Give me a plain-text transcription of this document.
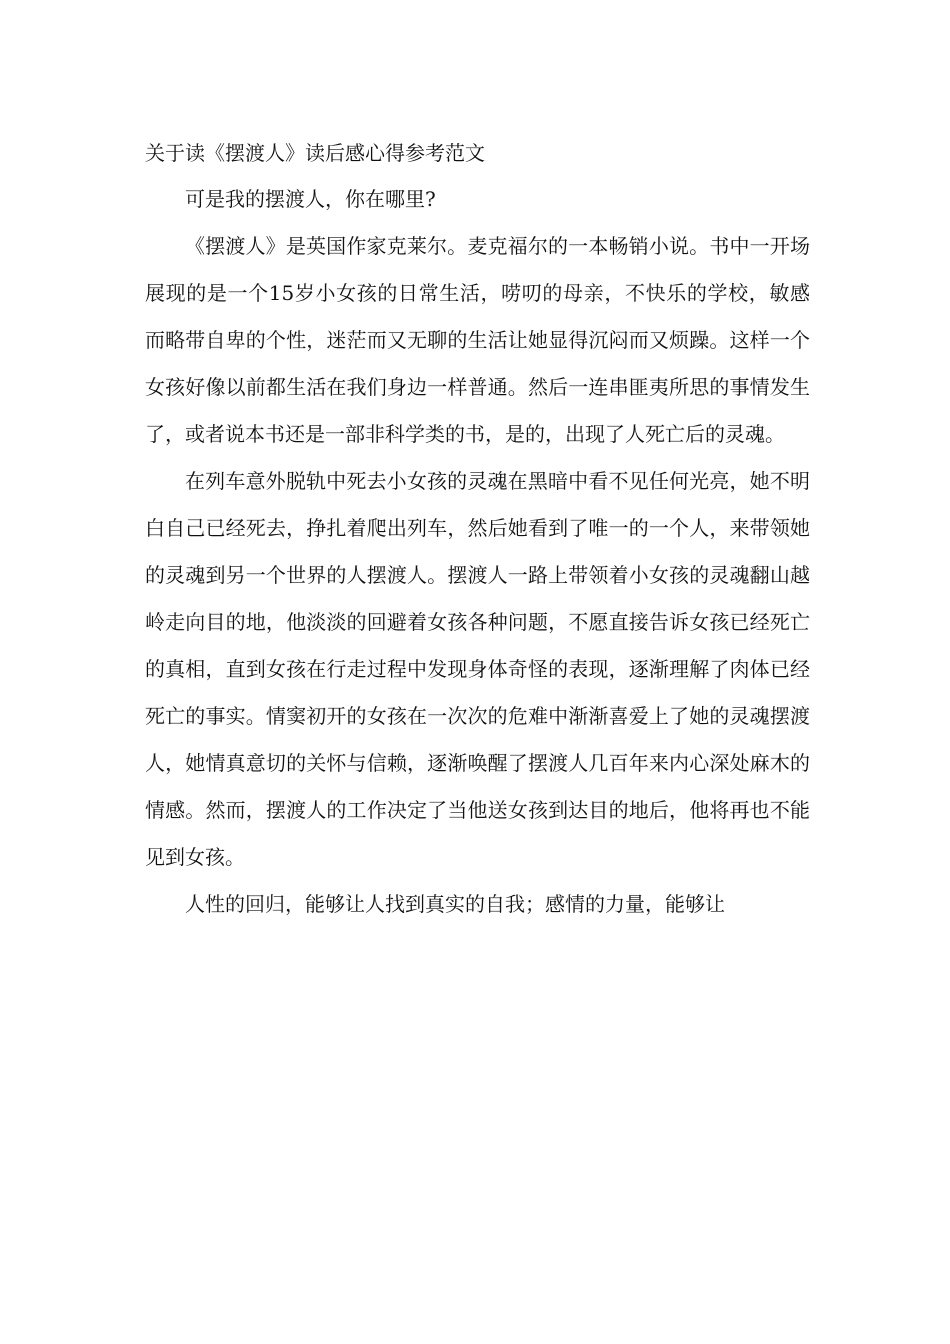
关于读《摆渡人》读后感心得参考范文

可是我的摆渡人，你在哪里?

《摆渡人》是英国作家克莱尔。麦克福尔的一本畅销小说。书中一开场展现的是一个15岁小女孩的日常生活，唠叨的母亲，不快乐的学校，敏感而略带自卑的个性，迷茫而又无聊的生活让她显得沉闷而又烦躁。这样一个女孩好像以前都生活在我们身边一样普通。然后一连串匪夷所思的事情发生了，或者说本书还是一部非科学类的书，是的，出现了人死亡后的灵魂。

在列车意外脱轨中死去小女孩的灵魂在黑暗中看不见任何光亮，她不明白自己已经死去，挣扎着爬出列车，然后她看到了唯一的一个人，来带领她的灵魂到另一个世界的人摆渡人。摆渡人一路上带领着小女孩的灵魂翻山越岭走向目的地，他淡淡的回避着女孩各种问题，不愿直接告诉女孩已经死亡的真相，直到女孩在行走过程中发现身体奇怪的表现，逐渐理解了肉体已经死亡的事实。情窦初开的女孩在一次次的危难中渐渐喜爱上了她的灵魂摆渡人，她情真意切的关怀与信赖，逐渐唤醒了摆渡人几百年来内心深处麻木的情感。然而，摆渡人的工作决定了当他送女孩到达目的地后，他将再也不能见到女孩。

人性的回归，能够让人找到真实的自我；感情的力量，能够让
